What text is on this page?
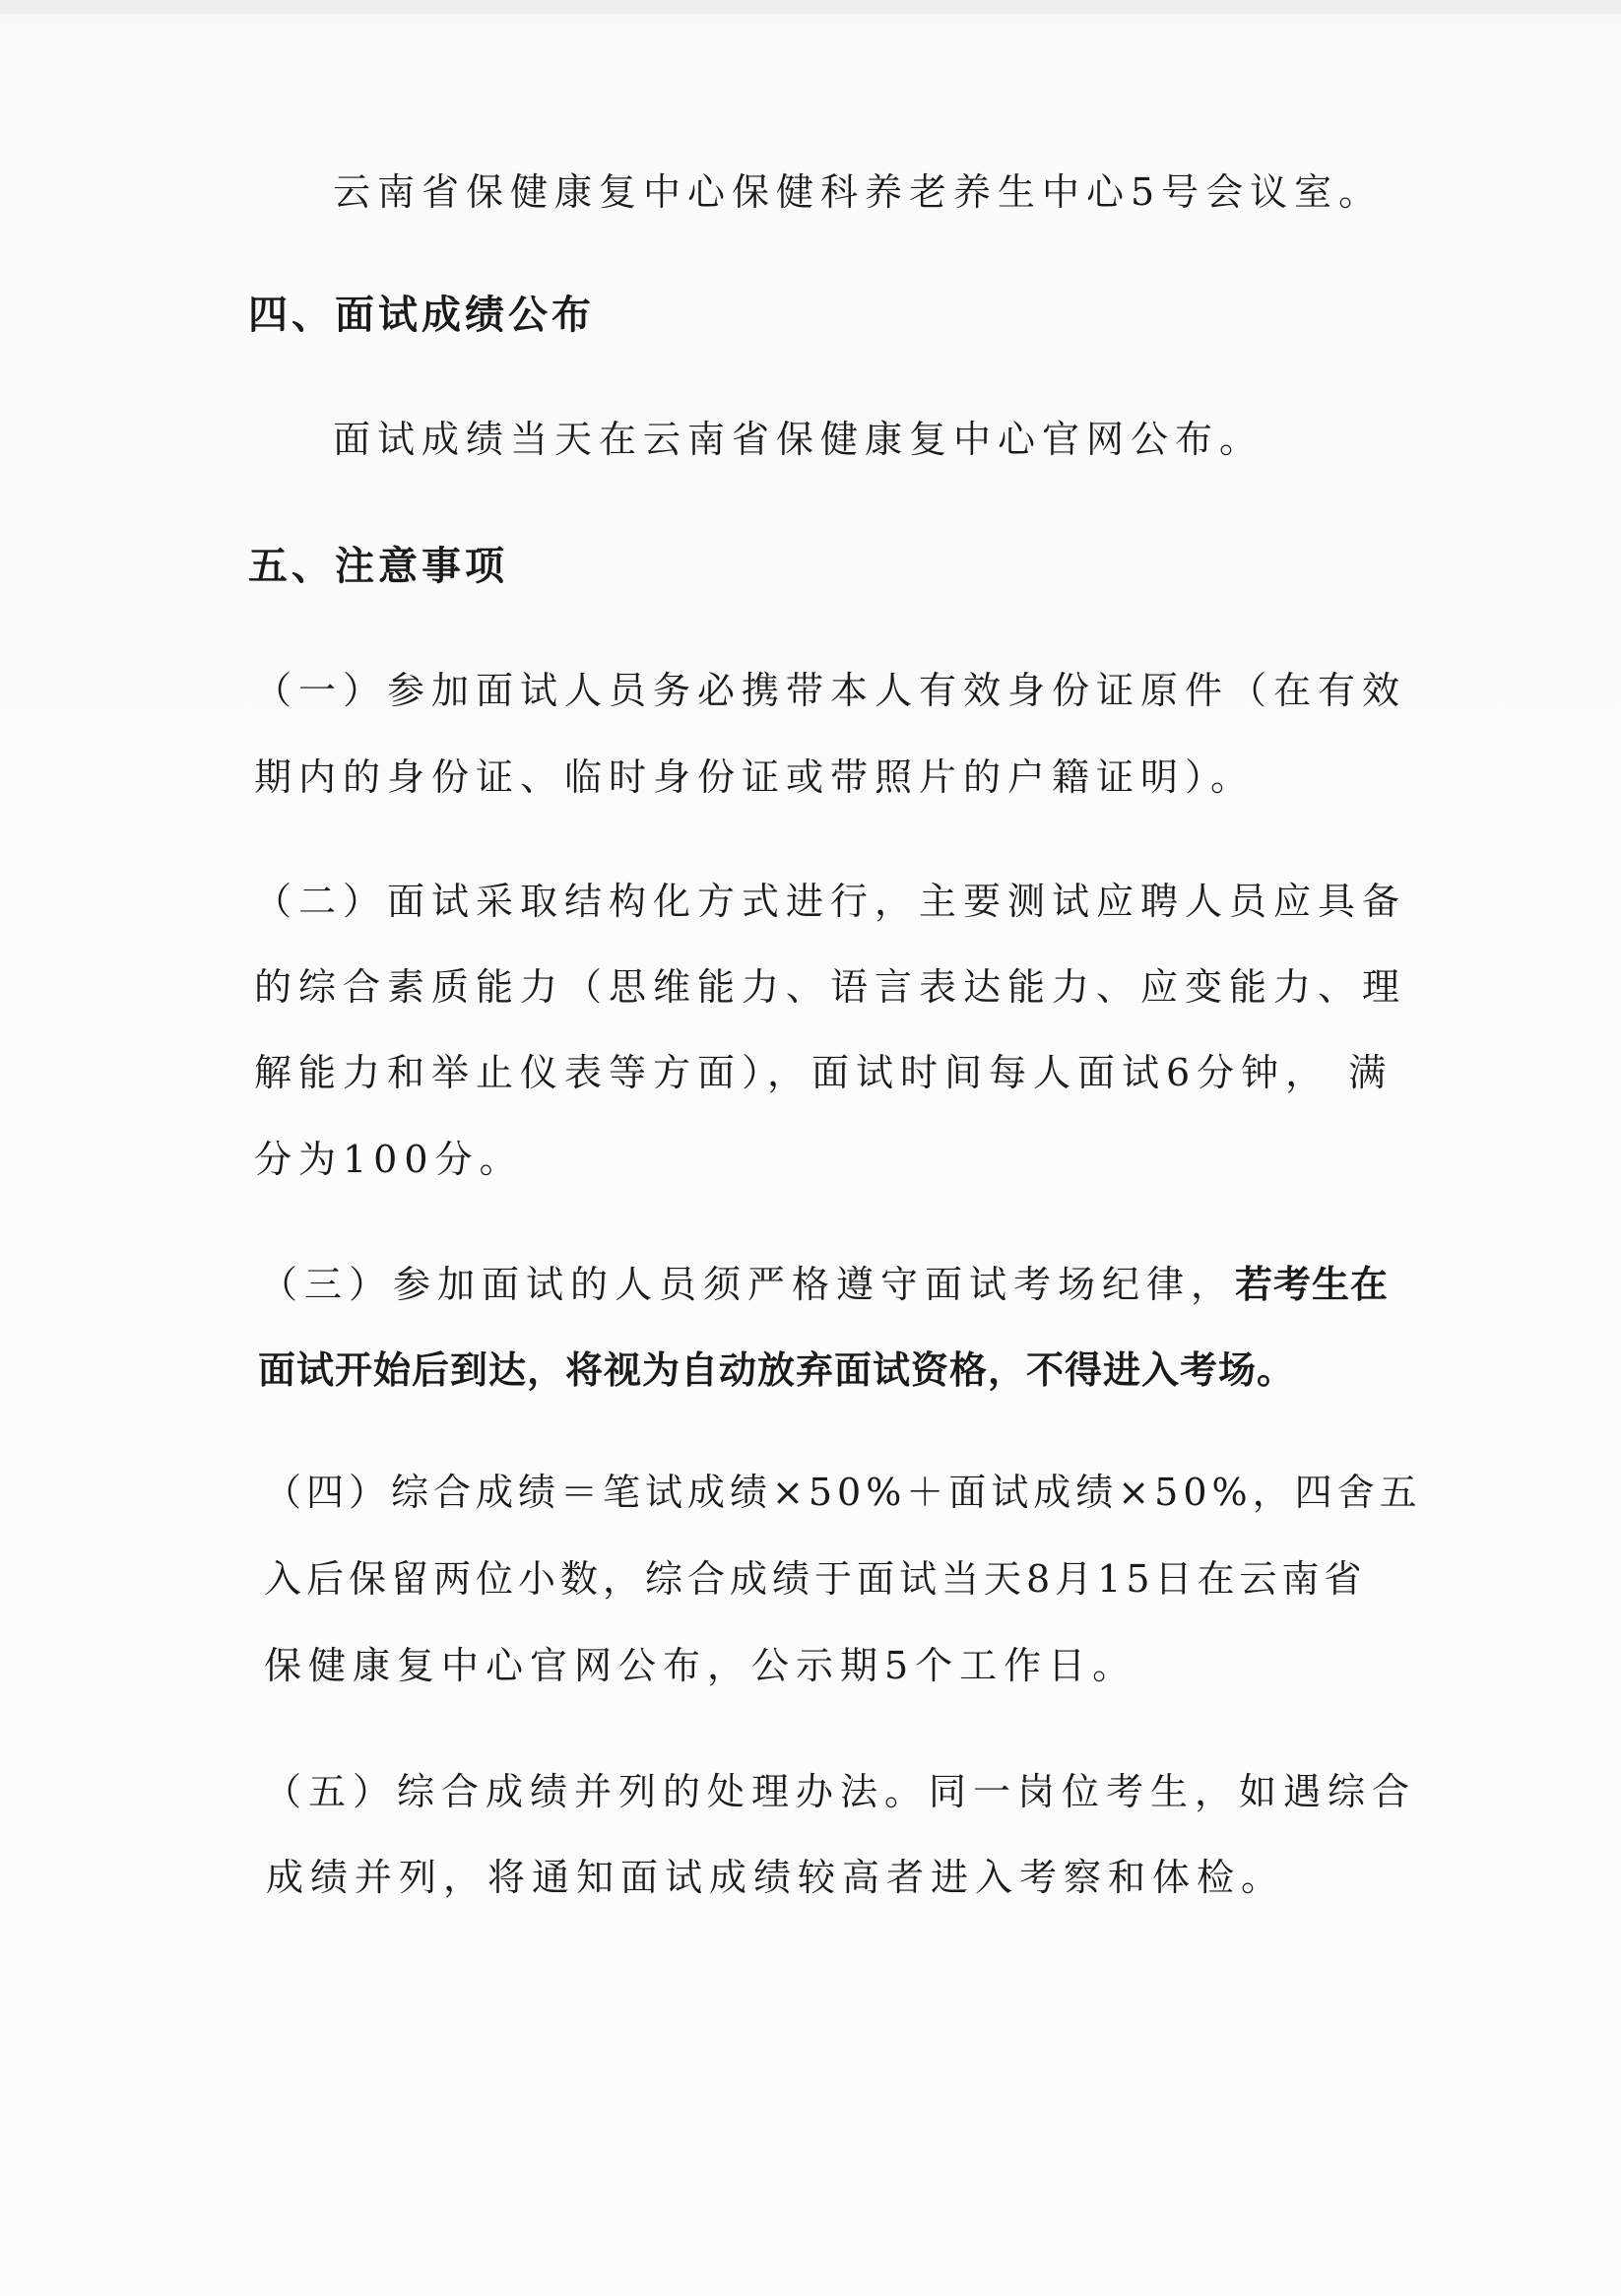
云南省保健康复中心保健科养老养生中心5号会议室。
四、面试成绩公布
面试成绩当天在云南省保健康复中心官网公布。
五、注意事项
（一）参加面试人员务必携带本人有效身份证原件（在有效
期内的身份证、临时身份证或带照片的户籍证明）。
（二）面试采取结构化方式进行，主要测试应聘人员应具备
的综合素质能力（思维能力、语言表达能力、应变能力、理
解能力和举止仪表等方面），面试时间每人面试6分钟， 满
分为100分。
（三）参加面试的人员须严格遵守面试考场纪律，若考生在
面试开始后到达，将视为自动放弃面试资格，不得进入考场。
（四）综合成绩＝笔试成绩×50%＋面试成绩×50%，四舍五
入后保留两位小数，综合成绩于面试当天8月15日在云南省
保健康复中心官网公布，公示期5个工作日。
（五）综合成绩并列的处理办法。同一岗位考生，如遇综合
成绩并列，将通知面试成绩较高者进入考察和体检。
